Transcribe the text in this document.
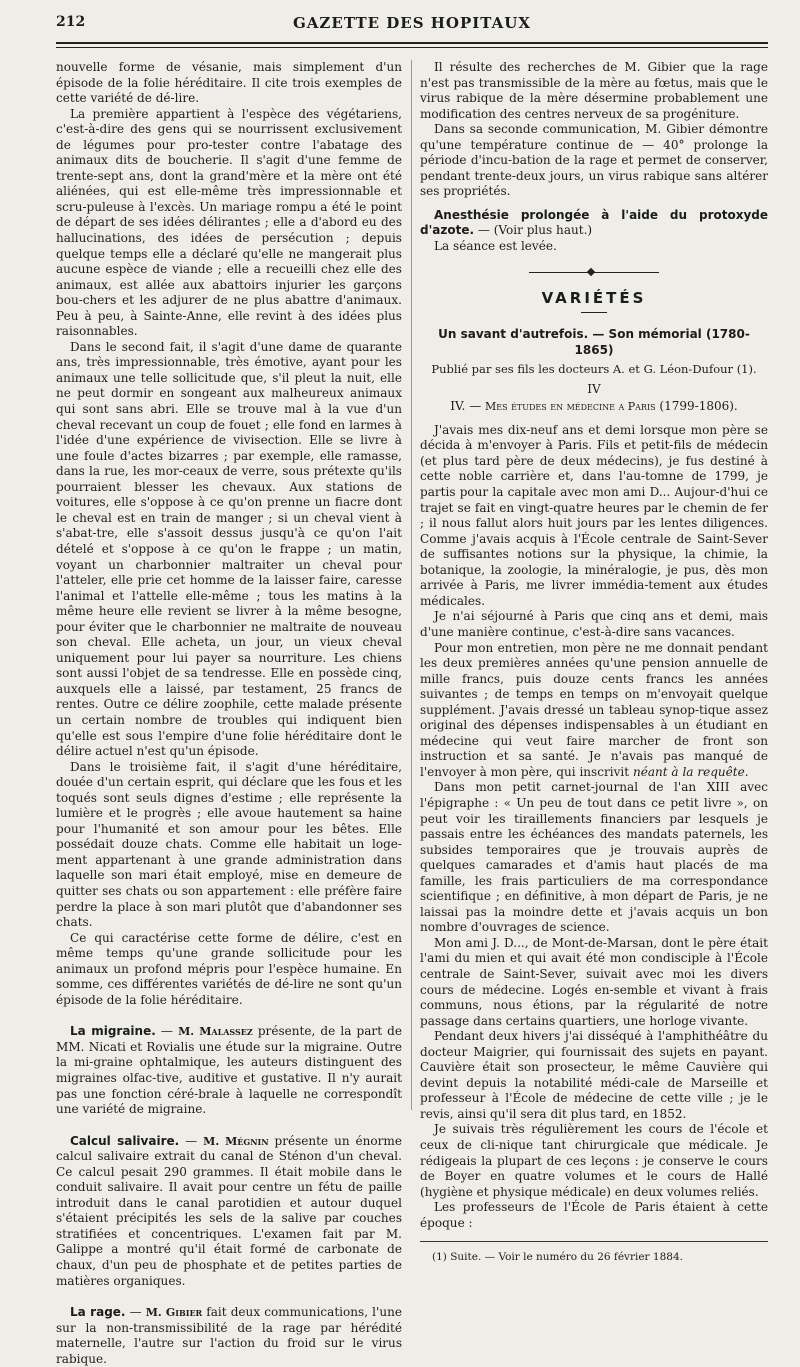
212	GAZETTE DES HOPITAUX

nouvelle forme de vésanie, mais simplement d'un épisode de la folie héréditaire. Il cite trois exemples de cette variété de dé-lire.

La première appartient à l'espèce des végétariens, c'est-à-dire des gens qui se nourrissent exclusivement de légumes pour pro-tester contre l'abatage des animaux dits de boucherie. Il s'agit d'une femme de trente-sept ans, dont la grand'mère et la mère ont été aliénées, qui est elle-même très impressionnable et scru-puleuse à l'excès. Un mariage rompu a été le point de départ de ses idées délirantes ; elle a d'abord eu des hallucinations, des idées de persécution ; depuis quelque temps elle a déclaré qu'elle ne mangerait plus aucune espèce de viande ; elle a recueilli chez elle des animaux, est allée aux abattoirs injurier les garçons bou-chers et les adjurer de ne plus abattre d'animaux. Peu à peu, à Sainte-Anne, elle revint à des idées plus raisonnables.

Dans le second fait, il s'agit d'une dame de quarante ans, très impressionnable, très émotive, ayant pour les animaux une telle sollicitude que, s'il pleut la nuit, elle ne peut dormir en songeant aux malheureux animaux qui sont sans abri. Elle se trouve mal à la vue d'un cheval recevant un coup de fouet ; elle fond en larmes à l'idée d'une expérience de vivisection. Elle se livre à une foule d'actes bizarres ; par exemple, elle ramasse, dans la rue, les mor-ceaux de verre, sous prétexte qu'ils pourraient blesser les chevaux. Aux stations de voitures, elle s'oppose à ce qu'on prenne un fiacre dont le cheval est en train de manger ; si un cheval vient à s'abat-tre, elle s'assoit dessus jusqu'à ce qu'on l'ait dételé et s'oppose à ce qu'on le frappe ; un matin, voyant un charbonnier maltraiter un cheval pour l'atteler, elle prie cet homme de la laisser faire, caresse l'animal et l'attelle elle-même ; tous les matins à la même heure elle revient se livrer à la même besogne, pour éviter que le charbonnier ne maltraite de nouveau son cheval. Elle acheta, un jour, un vieux cheval uniquement pour lui payer sa nourriture. Les chiens sont aussi l'objet de sa tendresse. Elle en possède cinq, auxquels elle a laissé, par testament, 25 francs de rentes. Outre ce délire zoophile, cette malade présente un certain nombre de troubles qui indiquent bien qu'elle est sous l'empire d'une folie héréditaire dont le délire actuel n'est qu'un épisode.

Dans le troisième fait, il s'agit d'une héréditaire, douée d'un certain esprit, qui déclare que les fous et les toqués sont seuls dignes d'estime ; elle représente la lumière et le progrès ; elle avoue hautement sa haine pour l'humanité et son amour pour les bêtes. Elle possédait douze chats. Comme elle habitait un loge-ment appartenant à une grande administration dans laquelle son mari était employé, mise en demeure de quitter ses chats ou son appartement : elle préfère faire perdre la place à son mari plutôt que d'abandonner ses chats.

Ce qui caractérise cette forme de délire, c'est en même temps qu'une grande sollicitude pour les animaux un profond mépris pour l'espèce humaine. En somme, ces différentes variétés de dé-lire ne sont qu'un épisode de la folie héréditaire.

La migraine. — M. Malassez présente, de la part de MM. Nicati et Rovialis une étude sur la migraine. Outre la mi-graine ophtalmique, les auteurs distinguent des migraines olfac-tive, auditive et gustative. Il n'y aurait pas une fonction céré-brale à laquelle ne correspondît une variété de migraine.

Calcul salivaire. — M. Mégnin présente un énorme calcul salivaire extrait du canal de Sténon d'un cheval. Ce calcul pesait 290 grammes. Il était mobile dans le conduit salivaire. Il avait pour centre un fétu de paille introduit dans le canal parotidien et autour duquel s'étaient précipités les sels de la salive par couches stratifiées et concentriques. L'examen fait par M. Galippe a montré qu'il était formé de carbonate de chaux, d'un peu de phosphate et de petites parties de matières organiques.

La rage. — M. Gibier fait deux communications, l'une sur la non-transmissibilité de la rage par hérédité maternelle, l'autre sur l'action du froid sur le virus rabique.

Il résulte des recherches de M. Gibier que la rage n'est pas transmissible de la mère au fœtus, mais que le virus rabique de la mère désermine probablement une modification des centres nerveux de sa progéniture.

Dans sa seconde communication, M. Gibier démontre qu'une température continue de — 40° prolonge la période d'incu-bation de la rage et permet de conserver, pendant trente-deux jours, un virus rabique sans altérer ses propriétés.

Anesthésie prolongée à l'aide du protoxyde d'azote. — (Voir plus haut.)

La séance est levée.

VARIÉTÉS
Un savant d'autrefois. — Son mémorial (1780-1865)
Publié par ses fils les docteurs A. et G. Léon-Dufour (1).
IV
IV. — Mes études en médecine a Paris (1799-1806).

J'avais mes dix-neuf ans et demi lorsque mon père se décida à m'envoyer à Paris. Fils et petit-fils de médecin (et plus tard père de deux médecins), je fus destiné à cette noble carrière et, dans l'au-tomne de 1799, je partis pour la capitale avec mon ami D... Aujour-d'hui ce trajet se fait en vingt-quatre heures par le chemin de fer ; il nous fallut alors huit jours par les lentes diligences. Comme j'avais acquis à l'École centrale de Saint-Sever de suffisantes notions sur la physique, la chimie, la botanique, la zoologie, la minéralogie, je pus, dès mon arrivée à Paris, me livrer immédia-tement aux études médicales.

Je n'ai séjourné à Paris que cinq ans et demi, mais d'une manière continue, c'est-à-dire sans vacances.

Pour mon entretien, mon père ne me donnait pendant les deux premières années qu'une pension annuelle de mille francs, puis douze cents francs les années suivantes ; de temps en temps on m'envoyait quelque supplément. J'avais dressé un tableau synop-tique assez original des dépenses indispensables à un étudiant en médecine qui veut faire marcher de front son instruction et sa santé. Je n'avais pas manqué de l'envoyer à mon père, qui inscrivit néant à la requête.

Dans mon petit carnet-journal de l'an XIII avec l'épigraphe : « Un peu de tout dans ce petit livre », on peut voir les tiraillements financiers par lesquels je passais entre les échéances des mandats paternels, les subsides temporaires que je trouvais auprès de quelques camarades et d'amis haut placés de ma famille, les frais particuliers de ma correspondance scientifique ; en définitive, à mon départ de Paris, je ne laissai pas la moindre dette et j'avais acquis un bon nombre d'ouvrages de science.

Mon ami J. D..., de Mont-de-Marsan, dont le père était l'ami du mien et qui avait été mon condisciple à l'École centrale de Saint-Sever, suivait avec moi les divers cours de médecine. Logés en-semble et vivant à frais communs, nous étions, par la régularité de notre passage dans certains quartiers, une horloge vivante.

Pendant deux hivers j'ai disséqué à l'amphithéâtre du docteur Maigrier, qui fournissait des sujets en payant. Cauvière était son prosecteur, le même Cauvière qui devint depuis la notabilité médi-cale de Marseille et professeur à l'École de médecine de cette ville ; je le revis, ainsi qu'il sera dit plus tard, en 1852.

Je suivais très régulièrement les cours de l'école et ceux de cli-nique tant chirurgicale que médicale. Je rédigeais la plupart de ces leçons : je conserve le cours de Boyer en quatre volumes et le cours de Hallé (hygiène et physique médicale) en deux volumes reliés.

Les professeurs de l'École de Paris étaient à cette époque :

(1) Suite. — Voir le numéro du 26 février 1884.
